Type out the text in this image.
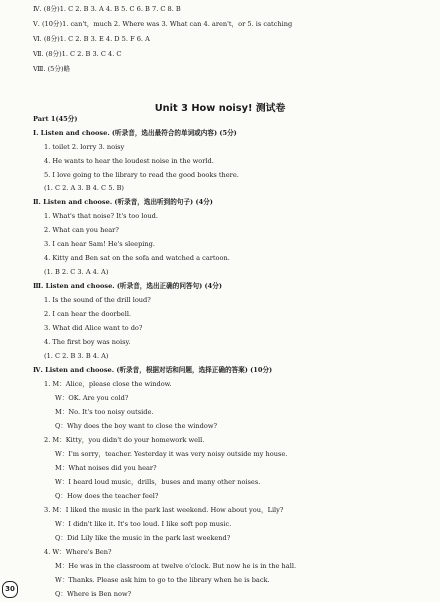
Ⅳ. (8分)1. C 2. B 3. A 4. B 5. C 6. B 7. C 8. B
Ⅴ. (10分)1. can't，much 2. Where was 3. What can 4. aren't，or 5. is catching
Ⅵ. (8分)1. C 2. B 3. E 4. D 5. F 6. A
Ⅶ. (8分)1. C 2. B 3. C 4. C
Ⅷ. (5分)略
Unit 3 How noisy! 测试卷
Part 1(45分)
Ⅰ. Listen and choose. (听录音，选出最符合的单词或内容) (5分)
1. toilet 2. lorry 3. noisy
4. He wants to hear the loudest noise in the world.
5. I love going to the library to read the good books there.
(1. C 2. A 3. B 4. C 5. B)
Ⅱ. Listen and choose. (听录音，选出听到的句子) (4分)
1. What's that noise? It's too loud.
2. What can you hear?
3. I can hear Sam! He's sleeping.
4. Kitty and Ben sat on the sofa and watched a cartoon.
(1. B 2. C 3. A 4. A)
Ⅲ. Listen and choose. (听录音，选出正确的问答句) (4分)
1. Is the sound of the drill loud?
2. I can hear the doorbell.
3. What did Alice want to do?
4. The first boy was noisy.
(1. C 2. B 3. B 4. A)
Ⅳ. Listen and choose. (听录音，根据对话和问题，选择正确的答案) (10分)
1. M：Alice，please close the window.
W：OK. Are you cold?
M：No. It's too noisy outside.
Q：Why does the boy want to close the window?
2. M：Kitty，you didn't do your homework well.
W：I'm sorry，teacher. Yesterday it was very noisy outside my house.
M：What noises did you hear?
W：I heard loud music，drills，buses and many other noises.
Q：How does the teacher feel?
3. M：I liked the music in the park last weekend. How about you，Lily?
W：I didn't like it. It's too loud. I like soft pop music.
Q：Did Lily like the music in the park last weekend?
4. W：Where's Ben?
M：He was in the classroom at twelve o'clock. But now he is in the hall.
W：Thanks. Please ask him to go to the library when he is back.
Q：Where is Ben now?
30
